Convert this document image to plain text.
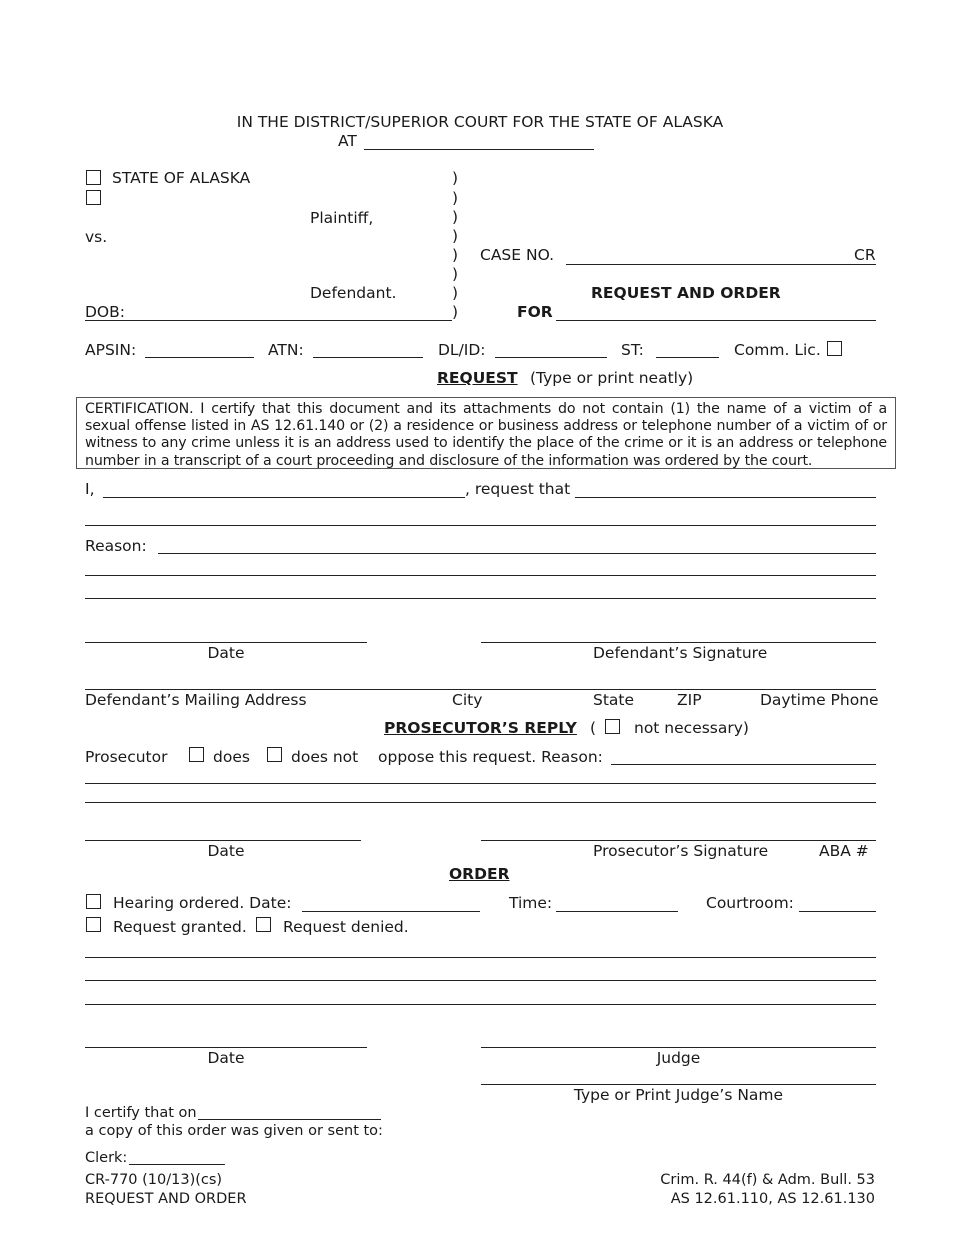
IN THE DISTRICT/SUPERIOR COURT FOR THE STATE OF ALASKA
AT
STATE OF ALASKA
Plaintiff,
vs.
Defendant.
DOB:
)
)
)
)
)
)
)
)
CASE NO.	CR
REQUEST AND ORDER
FOR
APSIN:	ATN:	DL/ID:	ST:	Comm. Lic.
REQUEST (Type or print neatly)
CERTIFICATION. I certify that this document and its attachments do not contain (1) the name of a victim of a sexual offense listed in AS 12.61.140 or (2) a residence or business address or telephone number of a victim of or witness to any crime unless it is an address used to identify the place of the crime or it is an address or telephone number in a transcript of a court proceeding and disclosure of the information was ordered by the court.
I,	, request that
Reason:
Date	Defendant’s Signature
Defendant’s Mailing Address	City	State	ZIP	Daytime Phone
PROSECUTOR’S REPLY ( not necessary)
Prosecutor	does	does not oppose this request. Reason:
Date	Prosecutor’s Signature	ABA #
ORDER
Hearing ordered. Date:	Time:	Courtroom:
Request granted. Request denied.
Date	Judge
Type or Print Judge’s Name
I certify that on
a copy of this order was given or sent to:
Clerk:
CR-770 (10/13)(cs)
REQUEST AND ORDER
Crim. R. 44(f) & Adm. Bull. 53
AS 12.61.110, AS 12.61.130
